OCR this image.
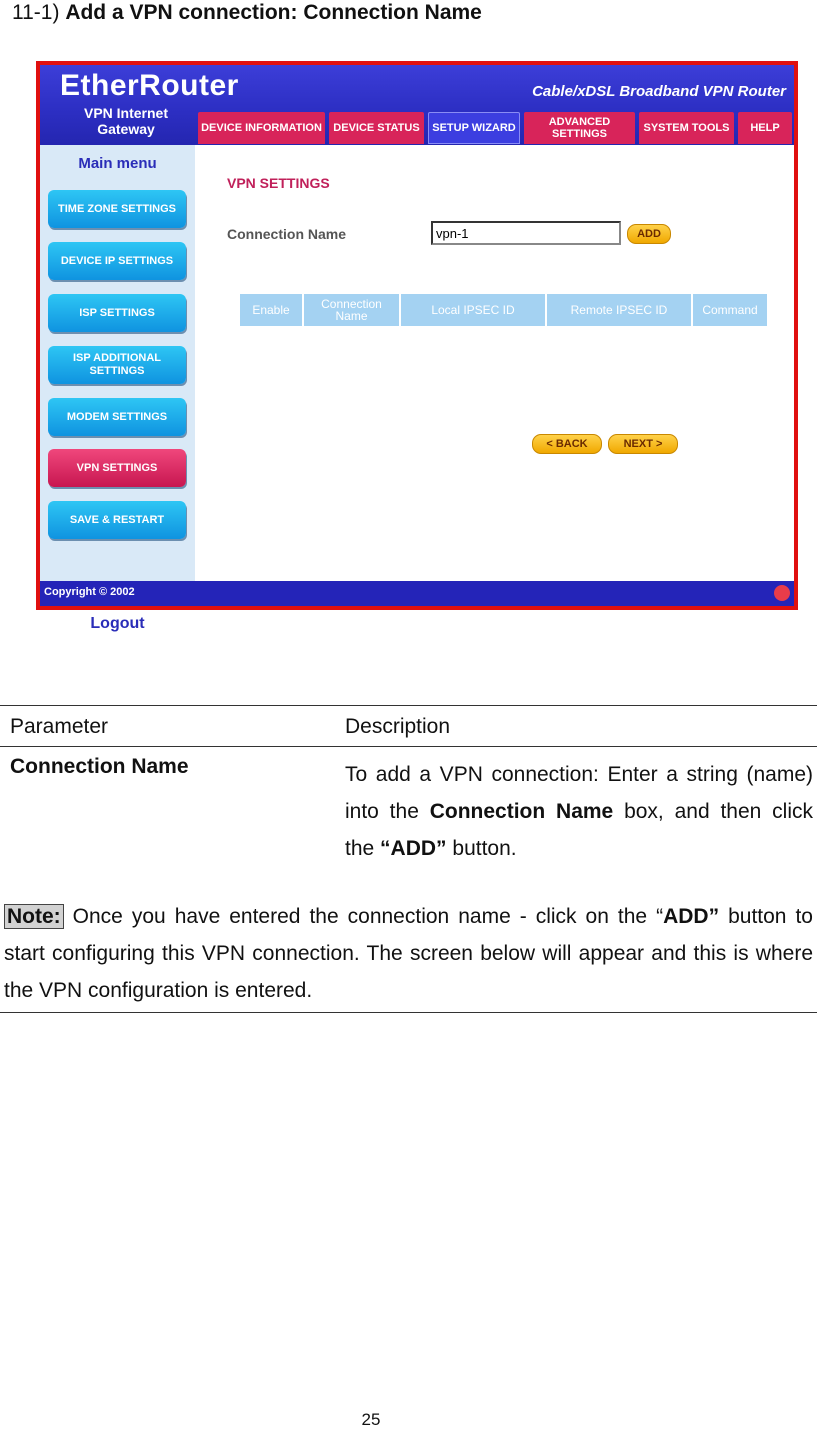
11-1) Add a VPN connection: Connection Name
EtherRouter
VPN Internet Gateway
Cable/xDSL Broadband VPN Router
DEVICE INFORMATION	DEVICE STATUS	SETUP WIZARD	ADVANCED SETTINGS	SYSTEM TOOLS	HELP
Main menu
TIME ZONE SETTINGS
DEVICE IP SETTINGS
ISP SETTINGS
ISP ADDITIONAL SETTINGS
MODEM SETTINGS
VPN SETTINGS
SAVE & RESTART
Logout
VPN SETTINGS
Connection Name
vpn-1	ADD
Enable	Connection Name	Local IPSEC ID	Remote IPSEC ID	Command
< BACK	NEXT >
Copyright © 2002
Parameter	Description
Connection Name	To add a VPN connection: Enter a string (name) into the Connection Name box, and then click the “ADD” button.
Note: Once you have entered the connection name - click on the “ADD” button to start configuring this VPN connection. The screen below will appear and this is where the VPN configuration is entered.
25
